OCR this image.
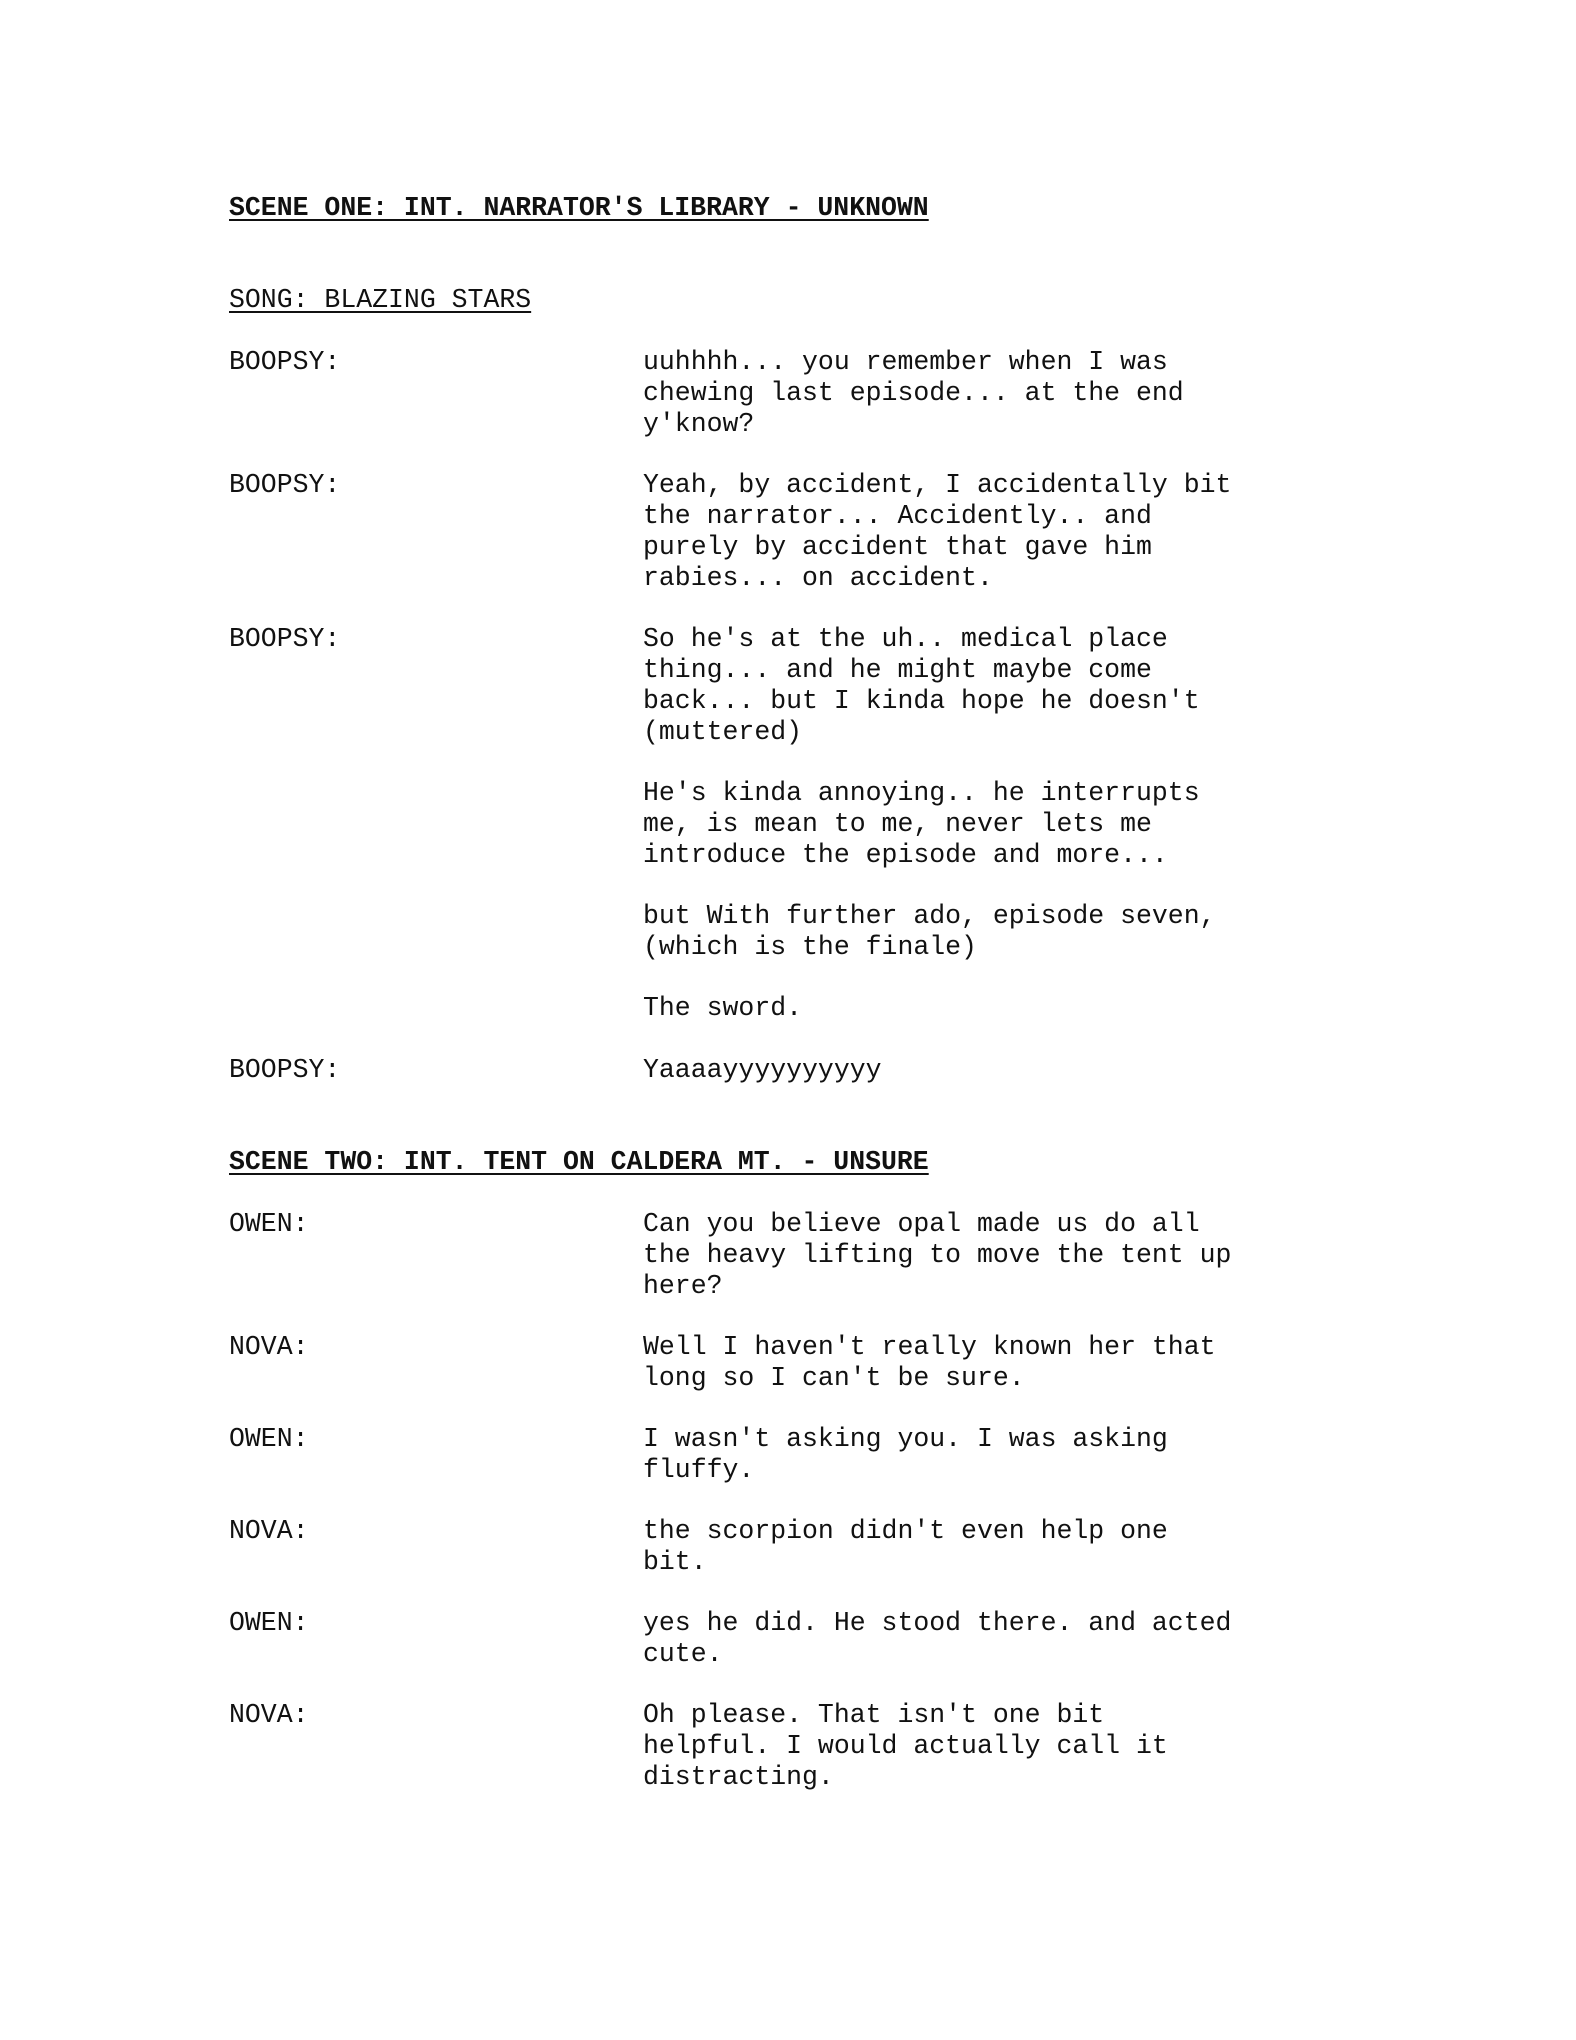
SCENE ONE: INT. NARRATOR'S LIBRARY - UNKNOWN
SONG: BLAZING STARS
BOOPSY:	uuhhhh... you remember when I was
chewing last episode... at the end
y'know?
BOOPSY:	Yeah, by accident, I accidentally bit
the narrator... Accidently.. and
purely by accident that gave him
rabies... on accident.
BOOPSY:	So he's at the uh.. medical place
thing... and he might maybe come
back... but I kinda hope he doesn't
(muttered)
He's kinda annoying.. he interrupts
me, is mean to me, never lets me
introduce the episode and more...
but With further ado, episode seven,
(which is the finale)
The sword.
BOOPSY:	Yaaaayyyyyyyyyy
SCENE TWO: INT. TENT ON CALDERA MT. - UNSURE
OWEN:	Can you believe opal made us do all
the heavy lifting to move the tent up
here?
NOVA:	Well I haven't really known her that
long so I can't be sure.
OWEN:	I wasn't asking you. I was asking
fluffy.
NOVA:	the scorpion didn't even help one
bit.
OWEN:	yes he did. He stood there. and acted
cute.
NOVA:	Oh please. That isn't one bit
helpful. I would actually call it
distracting.
